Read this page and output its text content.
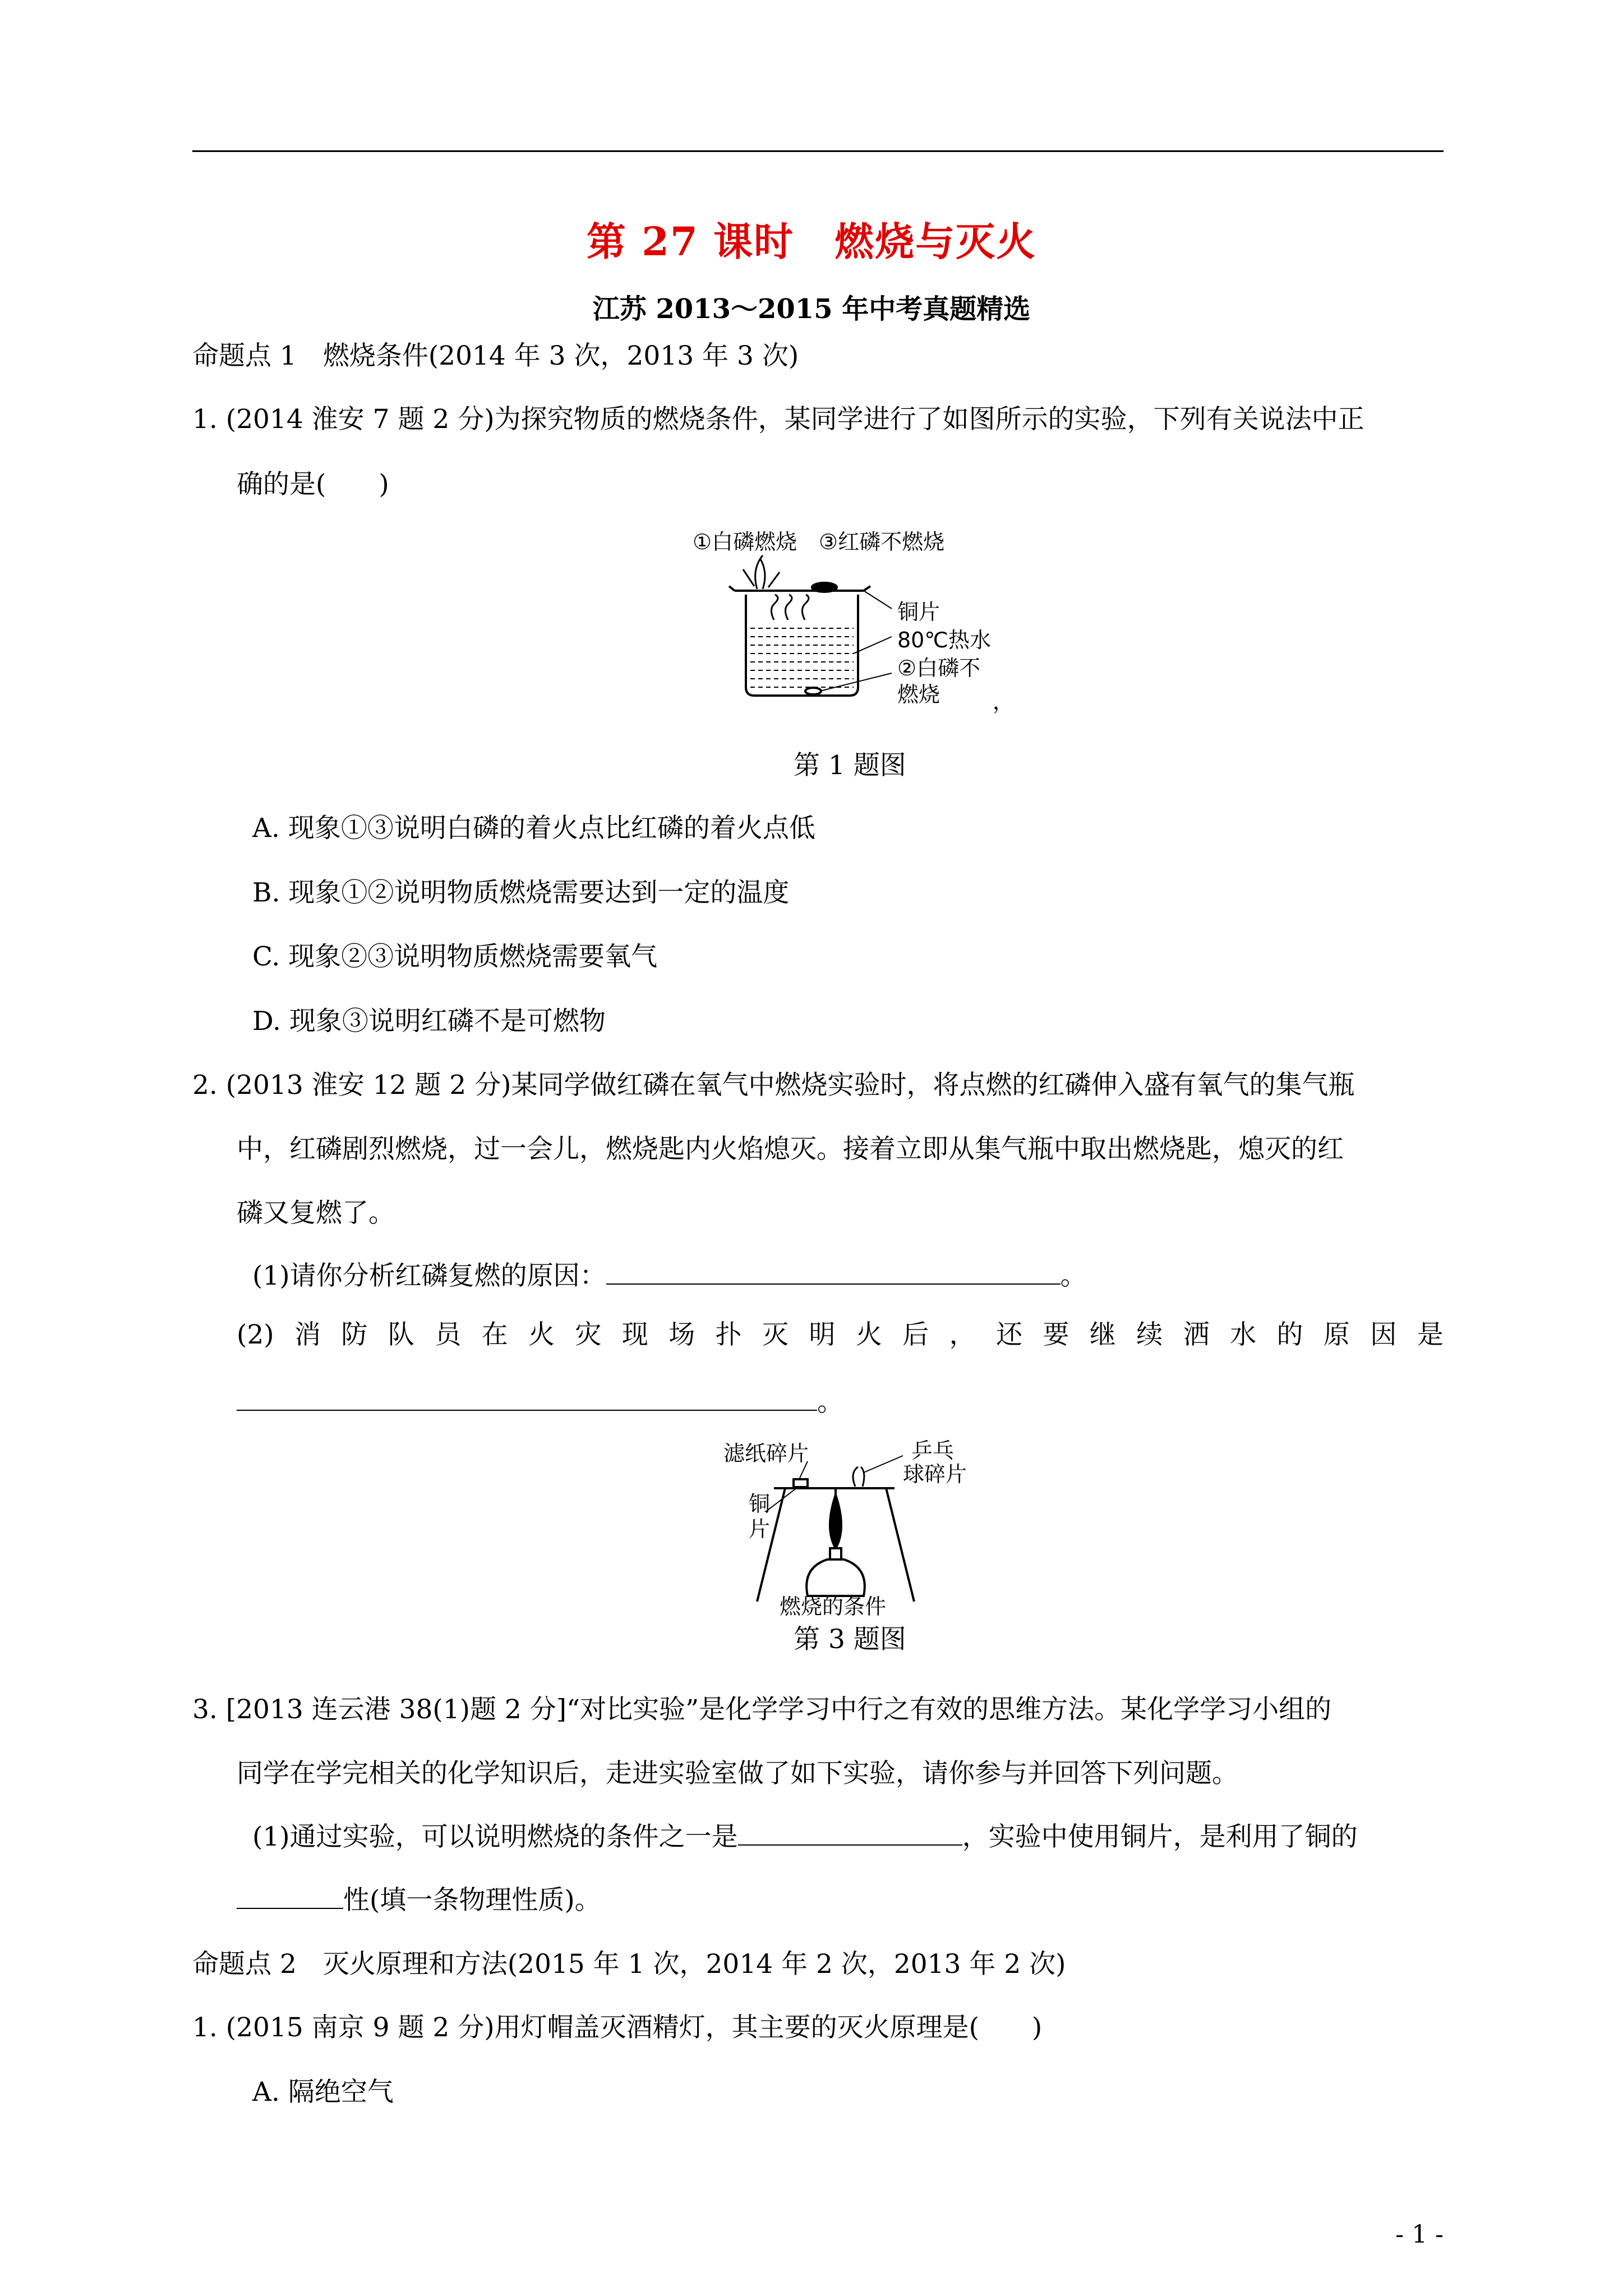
第 27 课时　燃烧与灭火
江苏 2013～2015 年中考真题精选
命题点 1　燃烧条件(2014 年 3 次，2013 年 3 次)
1. (2014 淮安 7 题 2 分)为探究物质的燃烧条件，某同学进行了如图所示的实验，下列有关说法中正
确的是(　　)
①白磷燃烧 ③红磷不燃烧
铜片
80℃热水
②白磷不
燃烧 ，
第 1 题图
A. 现象①③说明白磷的着火点比红磷的着火点低
B. 现象①②说明物质燃烧需要达到一定的温度
C. 现象②③说明物质燃烧需要氧气
D. 现象③说明红磷不是可燃物
2. (2013 淮安 12 题 2 分)某同学做红磷在氧气中燃烧实验时，将点燃的红磷伸入盛有氧气的集气瓶
中，红磷剧烈燃烧，过一会儿，燃烧匙内火焰熄灭。接着立即从集气瓶中取出燃烧匙，熄灭的红
磷又复燃了。
(1)请你分析红磷复燃的原因：	。
(2) 消 防 队 员 在 火 灾 现 场 扑 灭 明 火 后 ， 还 要 继 续 洒 水 的 原 因 是
。
滤纸碎片	乒乓
球碎片
铜
片
燃烧的条件
第 3 题图
3. [2013 连云港 38(1)题 2 分]“对比实验”是化学学习中行之有效的思维方法。某化学学习小组的
同学在学完相关的化学知识后，走进实验室做了如下实验，请你参与并回答下列问题。
(1)通过实验，可以说明燃烧的条件之一是	，实验中使用铜片，是利用了铜的
性(填一条物理性质)。
命题点 2　灭火原理和方法(2015 年 1 次，2014 年 2 次，2013 年 2 次)
1. (2015 南京 9 题 2 分)用灯帽盖灭酒精灯，其主要的灭火原理是(　　)
A. 隔绝空气
- 1 -
